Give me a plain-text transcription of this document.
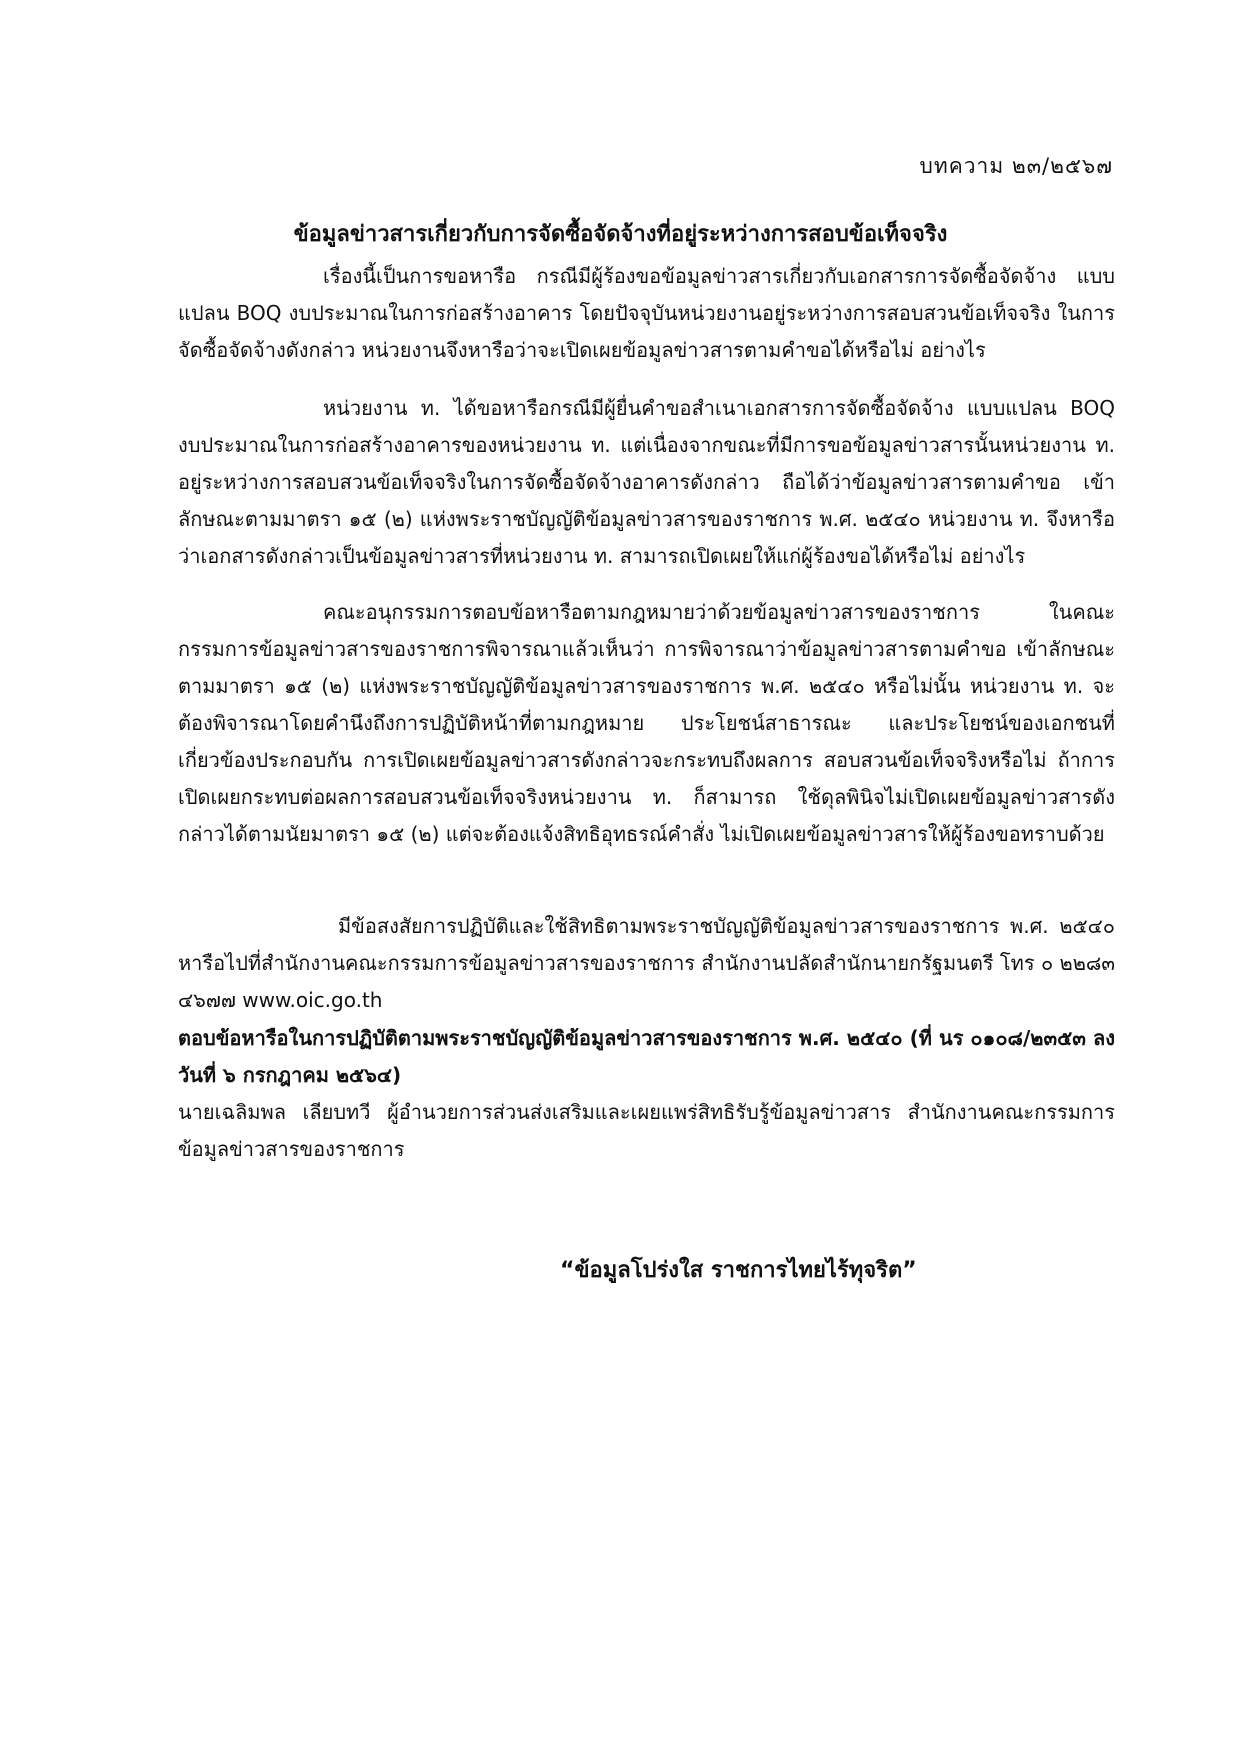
บทความ ๒๓/๒๕๖๗
ข้อมูลข่าวสารเกี่ยวกับการจัดซื้อจัดจ้างที่อยู่ระหว่างการสอบข้อเท็จจริง

เรื่องนี้เป็นการขอหารือ กรณีมีผู้ร้องขอข้อมูลข่าวสารเกี่ยวกับเอกสารการจัดซื้อจัดจ้าง แบบแปลน BOQ งบประมาณในการก่อสร้างอาคาร โดยปัจจุบันหน่วยงานอยู่ระหว่างการสอบสวนข้อเท็จจริง ในการจัดซื้อจัดจ้างดังกล่าว หน่วยงานจึงหารือว่าจะเปิดเผยข้อมูลข่าวสารตามคำขอได้หรือไม่ อย่างไร

หน่วยงาน ท. ได้ขอหารือกรณีมีผู้ยื่นคำขอสำเนาเอกสารการจัดซื้อจัดจ้าง แบบแปลน BOQ งบประมาณในการก่อสร้างอาคารของหน่วยงาน ท. แต่เนื่องจากขณะที่มีการขอข้อมูลข่าวสารนั้นหน่วยงาน ท. อยู่ระหว่างการสอบสวนข้อเท็จจริงในการจัดซื้อจัดจ้างอาคารดังกล่าว ถือได้ว่าข้อมูลข่าวสารตามคำขอ เข้าลักษณะตามมาตรา ๑๕ (๒) แห่งพระราชบัญญัติข้อมูลข่าวสารของราชการ พ.ศ. ๒๕๔๐ หน่วยงาน ท. จึงหารือว่าเอกสารดังกล่าวเป็นข้อมูลข่าวสารที่หน่วยงาน ท. สามารถเปิดเผยให้แก่ผู้ร้องขอได้หรือไม่ อย่างไร

คณะอนุกรรมการตอบข้อหารือตามกฎหมายว่าด้วยข้อมูลข่าวสารของราชการ ในคณะกรรมการข้อมูลข่าวสารของราชการพิจารณาแล้วเห็นว่า การพิจารณาว่าข้อมูลข่าวสารตามคำขอ เข้าลักษณะตามมาตรา ๑๕ (๒) แห่งพระราชบัญญัติข้อมูลข่าวสารของราชการ พ.ศ. ๒๕๔๐ หรือไม่นั้น หน่วยงาน ท. จะต้องพิจารณาโดยคำนึงถึงการปฏิบัติหน้าที่ตามกฎหมาย ประโยชน์สาธารณะ และประโยชน์ของเอกชนที่เกี่ยวข้องประกอบกัน การเปิดเผยข้อมูลข่าวสารดังกล่าวจะกระทบถึงผลการ สอบสวนข้อเท็จจริงหรือไม่ ถ้าการเปิดเผยกระทบต่อผลการสอบสวนข้อเท็จจริงหน่วยงาน ท. ก็สามารถ ใช้ดุลพินิจไม่เปิดเผยข้อมูลข่าวสารดังกล่าวได้ตามนัยมาตรา ๑๕ (๒) แต่จะต้องแจ้งสิทธิอุทธรณ์คำสั่ง ไม่เปิดเผยข้อมูลข่าวสารให้ผู้ร้องขอทราบด้วย

มีข้อสงสัยการปฏิบัติและใช้สิทธิตามพระราชบัญญัติข้อมูลข่าวสารของราชการ พ.ศ. ๒๕๔๐ หารือไปที่สำนักงานคณะกรรมการข้อมูลข่าวสารของราชการ สำนักงานปลัดสำนักนายกรัฐมนตรี โทร ๐ ๒๒๘๓ ๔๖๗๗ www.oic.go.th

ตอบข้อหารือในการปฏิบัติตามพระราชบัญญัติข้อมูลข่าวสารของราชการ พ.ศ. ๒๕๔๐ (ที่ นร ๐๑๐๘/๒๓๕๓ ลงวันที่ ๖ กรกฎาคม ๒๕๖๔)

นายเฉลิมพล เลียบทวี ผู้อำนวยการส่วนส่งเสริมและเผยแพร่สิทธิรับรู้ข้อมูลข่าวสาร สำนักงานคณะกรรมการ ข้อมูลข่าวสารของราชการ

“ข้อมูลโปร่งใส ราชการไทยไร้ทุจริต”
